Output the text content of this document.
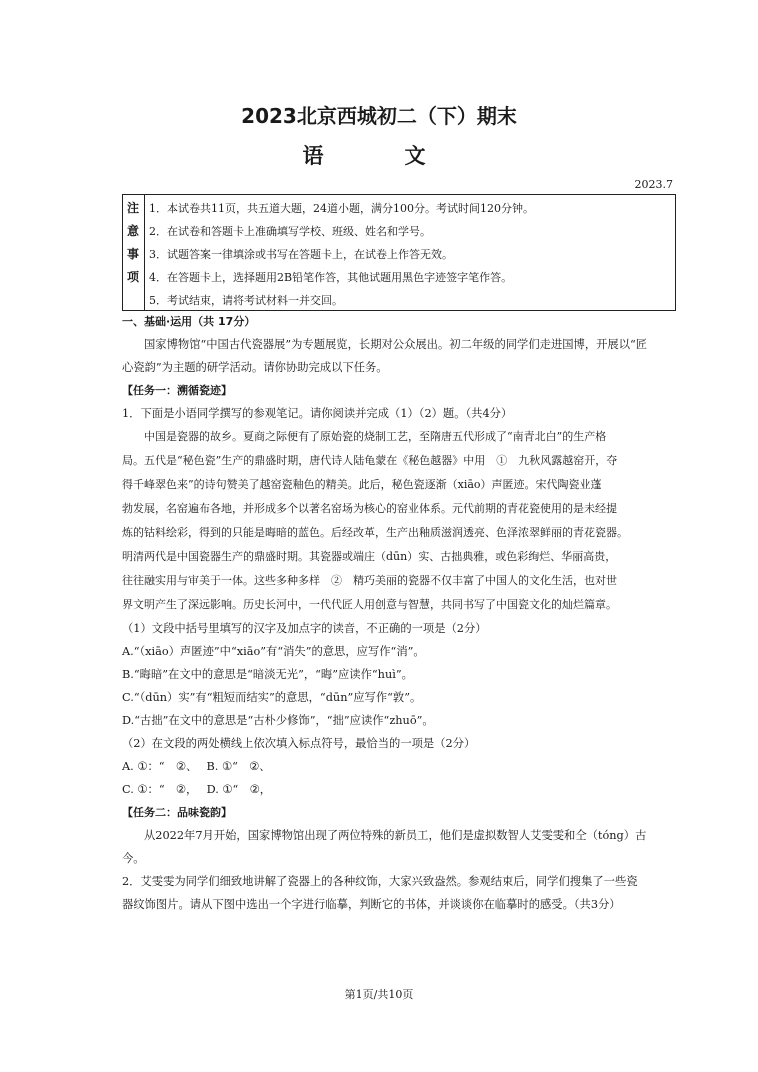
2023北京西城初二（下）期末
语　文
2023.7
注
意
事
项
1．本试卷共11页，共五道大题，24道小题，满分100分。考试时间120分钟。
2．在试卷和答题卡上准确填写学校、班级、姓名和学号。
3．试题答案一律填涂或书写在答题卡上，在试卷上作答无效。
4．在答题卡上，选择题用2B铅笔作答，其他试题用黑色字迹签字笔作答。
5．考试结束，请将考试材料一并交回。
一、基础·运用（共 17分）
国家博物馆“中国古代瓷器展”为专题展览，长期对公众展出。初二年级的同学们走进国博，开展以“匠
心瓷韵”为主题的研学活动。请你协助完成以下任务。
【任务一：溯循瓷迹】
1．下面是小语同学撰写的参观笔记。请你阅读并完成（1）（2）题。（共4分）
中国是瓷器的故乡。夏商之际便有了原始瓷的烧制工艺，至隋唐五代形成了“南青北白”的生产格
局。五代是“秘色瓷”生产的鼎盛时期，唐代诗人陆龟蒙在《秘色越器》中用　①　九秋风露越窑开，夺
得千峰翠色来”的诗句赞美了越窑瓷釉色的精美。此后，秘色瓷逐渐（xiāo）声匿迹。宋代陶瓷业蓬
勃发展，名窑遍布各地，并形成多个以著名窑场为核心的窑业体系。元代前期的青花瓷使用的是未经提
炼的钴料绘彩，得到的只能是晦暗的蓝色。后经改革，生产出釉质滋润透亮、色泽浓翠鲜丽的青花瓷器。
明清两代是中国瓷器生产的鼎盛时期。其瓷器或端庄（dūn）实、古拙典雅，或色彩绚烂、华丽高贵，
往往融实用与审美于一体。这些多种多样　②　精巧美丽的瓷器不仅丰富了中国人的文化生活，也对世
界文明产生了深远影响。历史长河中，一代代匠人用创意与智慧，共同书写了中国瓷文化的灿烂篇章。
（1）文段中括号里填写的汉字及加点字的读音，不正确的一项是（2分）
A.“（xiāo）声匿迹”中“xiāo”有“消失”的意思，应写作“消”。
B.“晦暗”在文中的意思是“暗淡无光”，“晦”应读作“huì”。
C.“（dūn）实”有“粗短而结实”的意思，“dūn”应写作“敦”。
D.“古拙”在文中的意思是“古朴少修饰”，“拙”应读作“zhuō”。
（2）在文段的两处横线上依次填入标点符号，最恰当的一项是（2分）
A. ①：“　②、　 B. ①“　②、
C. ①：“　②，　 D. ①“　②，
【任务二：品味瓷韵】
从2022年7月开始，国家博物馆出现了两位特殊的新员工，他们是虚拟数智人艾雯雯和仝（tóng）古
今。
2．艾雯雯为同学们细致地讲解了瓷器上的各种纹饰，大家兴致盎然。参观结束后，同学们搜集了一些瓷
器纹饰图片。请从下图中选出一个字进行临摹，判断它的书体，并谈谈你在临摹时的感受。（共3分）
第1页/共10页
